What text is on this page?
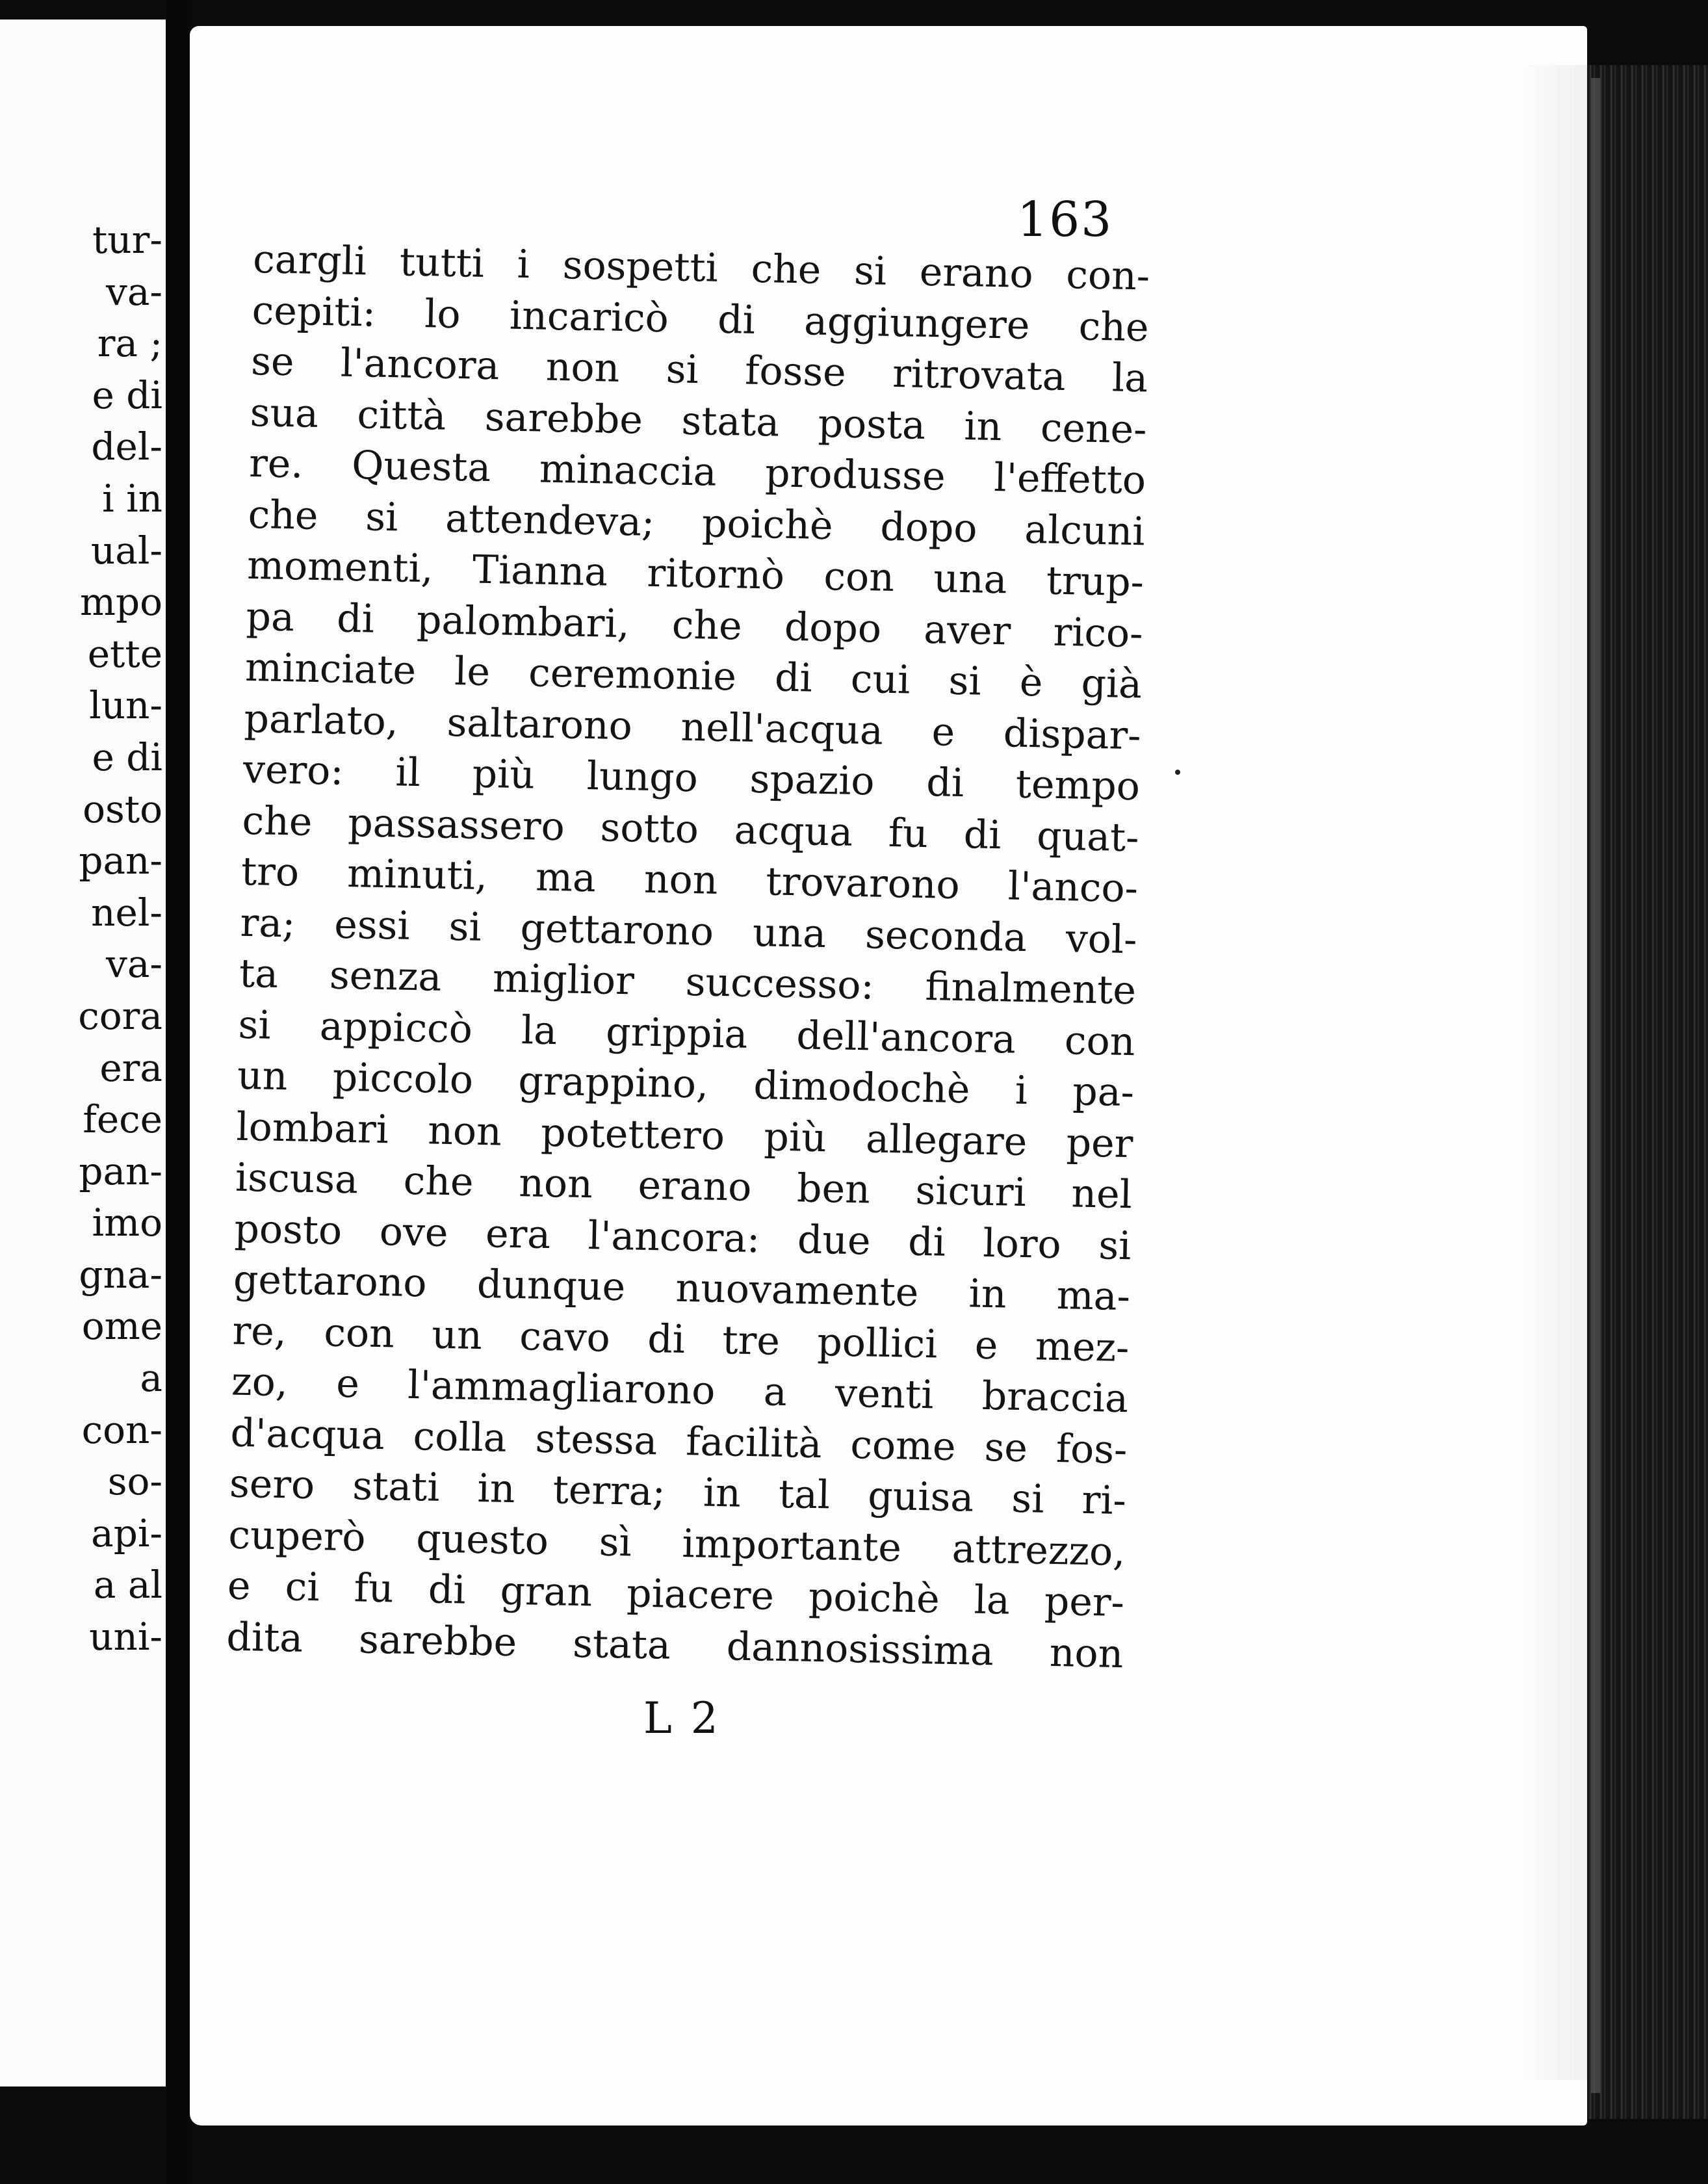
tur-
va-
ra ;
e di
del-
i in
ual-
mpo
ette
lun-
e di
osto
pan-
nel-
va-
cora
era
fece
pan-
imo
gna-
ome
a
con-
so-
api-
a al
uni-
163
cargli tutti i sospetti che si erano con-
cepiti: lo incaricò di aggiungere che
se l'ancora non si fosse ritrovata la
sua città sarebbe stata posta in cene-
re. Questa minaccia produsse l'effetto
che si attendeva; poichè dopo alcuni
momenti, Tianna ritornò con una trup-
pa di palombari, che dopo aver rico-
minciate le ceremonie di cui si è già
parlato, saltarono nell'acqua e dispar-
vero: il più lungo spazio di tempo
che passassero sotto acqua fu di quat-
tro minuti, ma non trovarono l'anco-
ra; essi si gettarono una seconda vol-
ta senza miglior successo: finalmente
si appiccò la grippia dell'ancora con
un piccolo grappino, dimodochè i pa-
lombari non potettero più allegare per
iscusa che non erano ben sicuri nel
posto ove era l'ancora: due di loro si
gettarono dunque nuovamente in ma-
re, con un cavo di tre pollici e mez-
zo, e l'ammagliarono a venti braccia
d'acqua colla stessa facilità come se fos-
sero stati in terra; in tal guisa si ri-
cuperò questo sì importante attrezzo,
e ci fu di gran piacere poichè la per-
dita sarebbe stata dannosissima non
L 2
